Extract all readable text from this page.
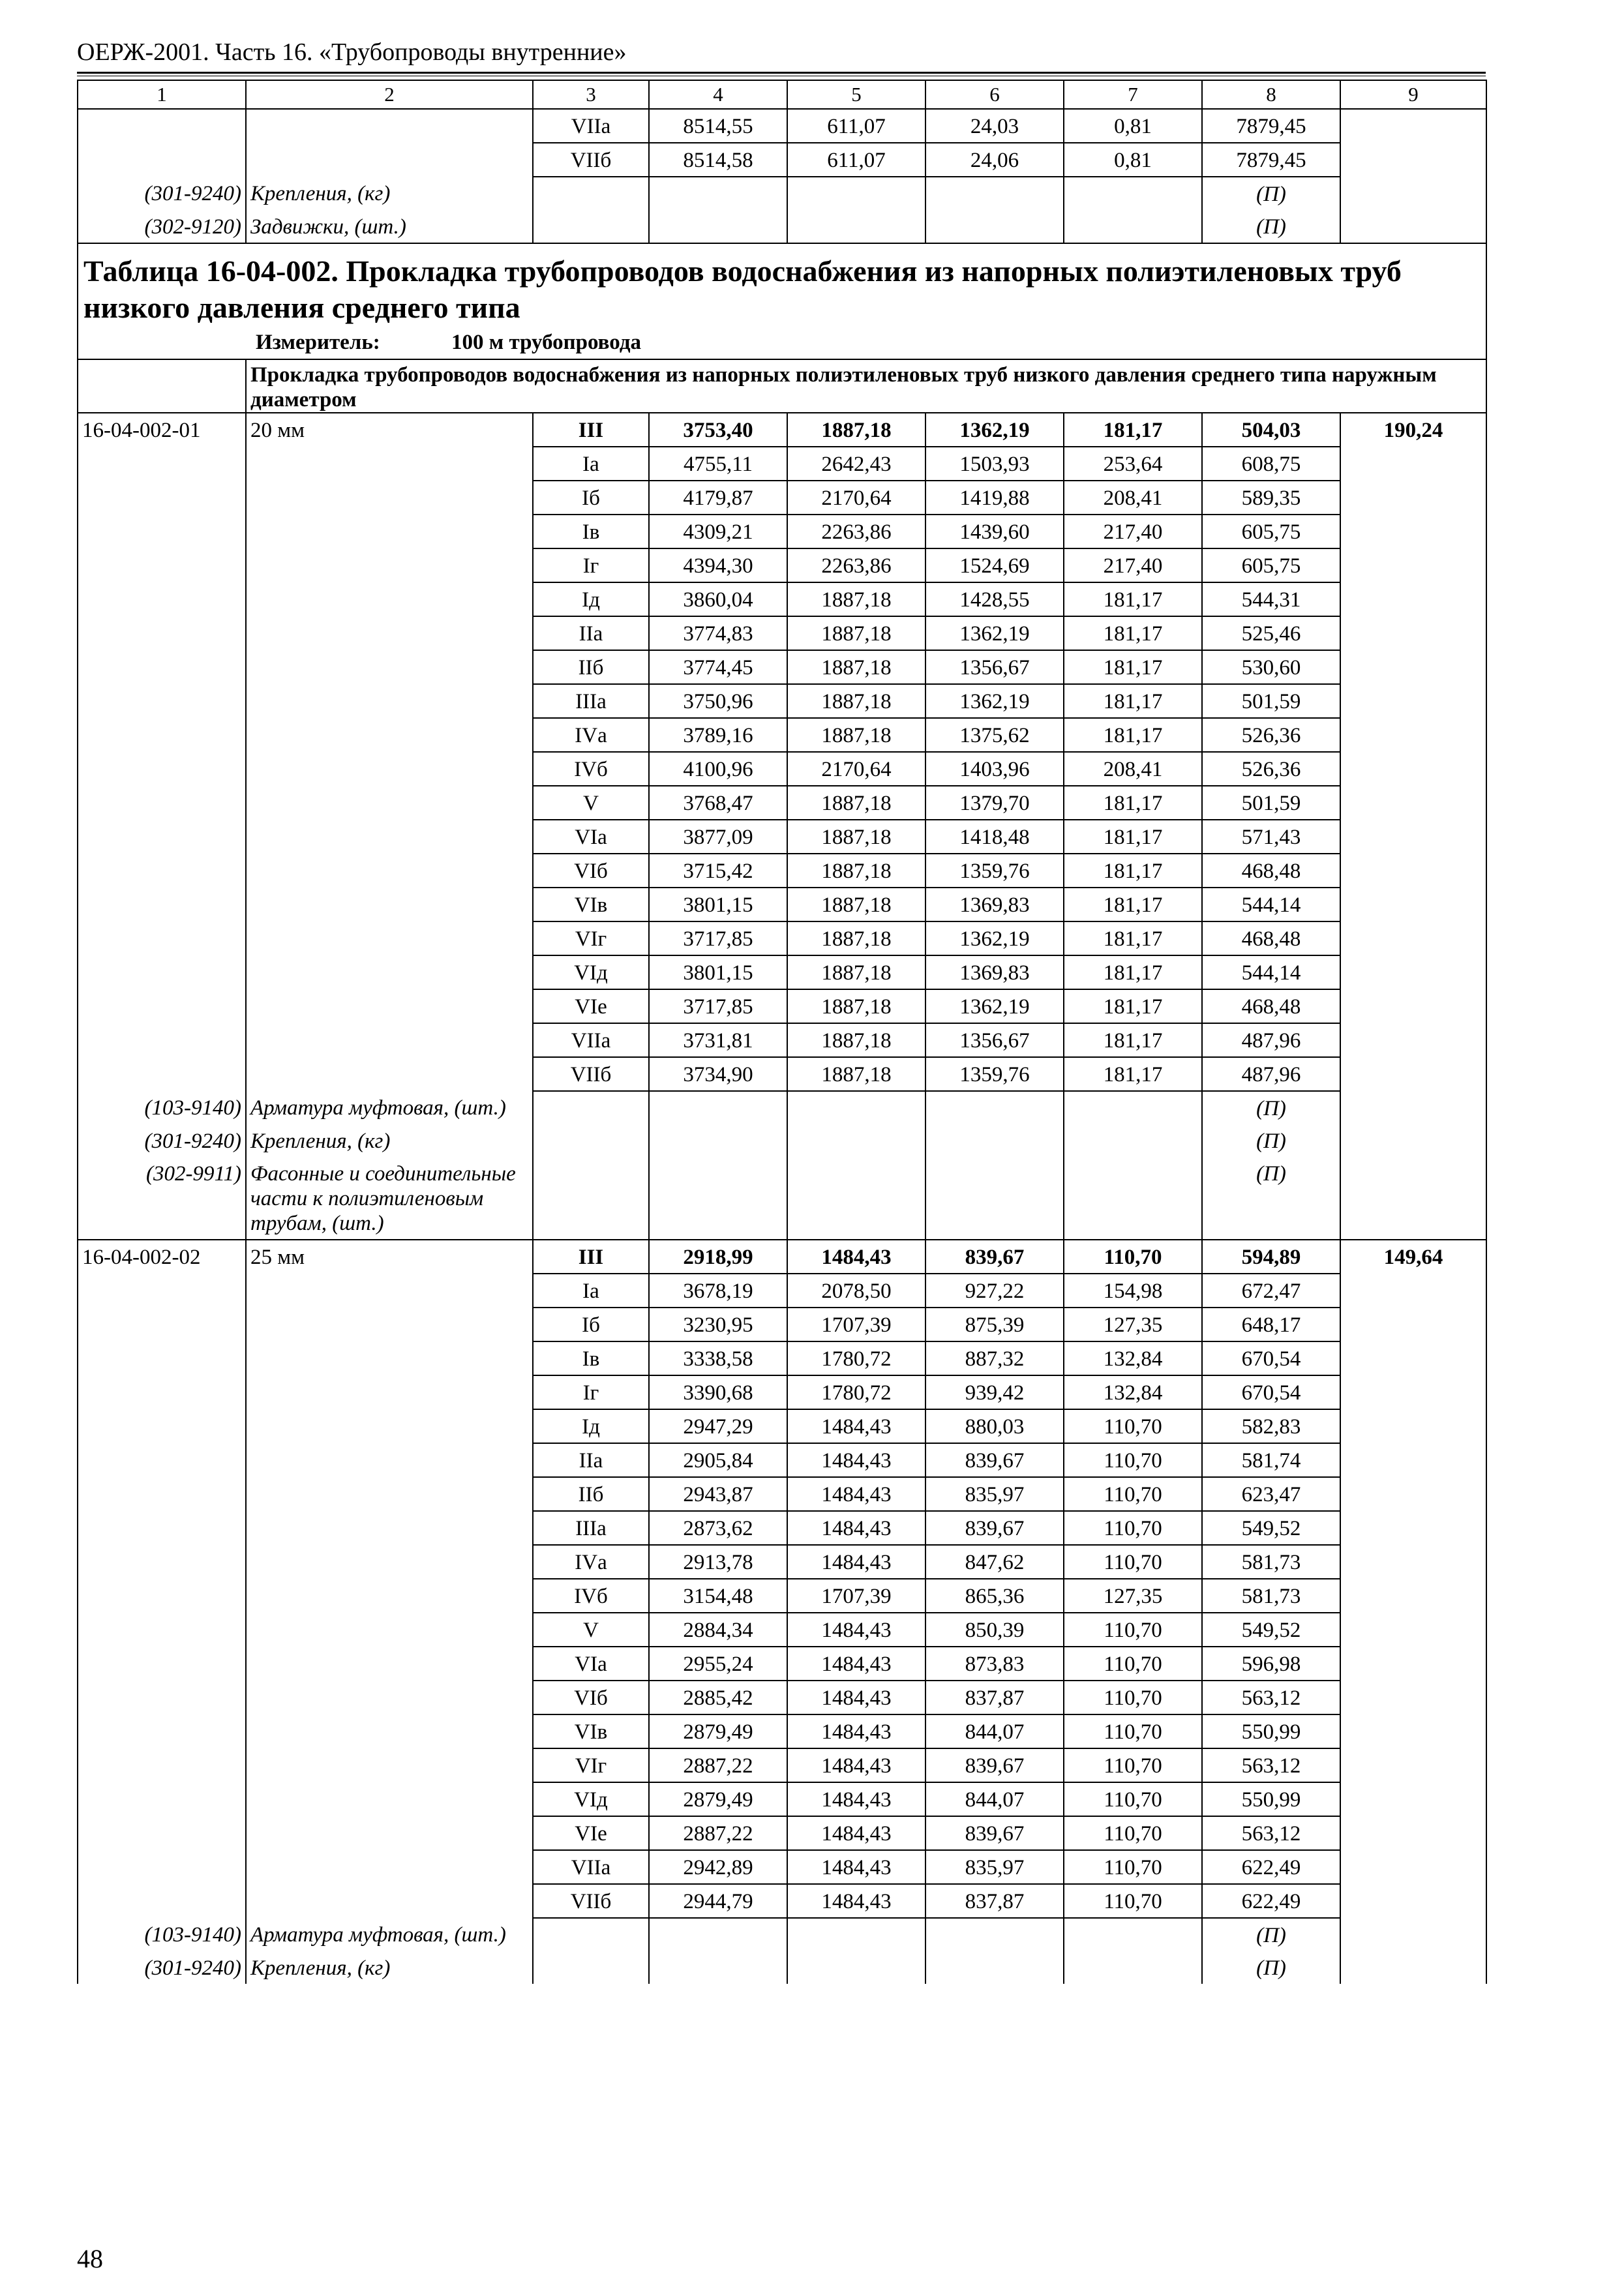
ОЕРЖ-2001. Часть 16. «Трубопроводы внутренние»
1	2	3	4	5	6	7	8	9
		VIIа	8514,55	611,07	24,03	0,81	7879,45	
		VIIб	8514,58	611,07	24,06	0,81	7879,45	
(301-9240)	Крепления, (кг)						(П)	
(302-9120)	Задвижки, (шт.)						(П)	

Таблица 16-04-002. Прокладка трубопроводов водоснабжения из напорных полиэтиленовых труб низкого давления среднего типа
Измеритель: 100 м трубопровода								

	Прокладка трубопроводов водоснабжения из напорных полиэтиленовых труб низкого давления среднего типа наружным диаметром							
16-04-002-01	20 мм	III	3753,40	1887,18	1362,19	181,17	504,03	190,24
		Iа	4755,11	2642,43	1503,93	253,64	608,75	
		Iб	4179,87	2170,64	1419,88	208,41	589,35	
		Iв	4309,21	2263,86	1439,60	217,40	605,75	
		Iг	4394,30	2263,86	1524,69	217,40	605,75	
		Iд	3860,04	1887,18	1428,55	181,17	544,31	
		IIа	3774,83	1887,18	1362,19	181,17	525,46	
		IIб	3774,45	1887,18	1356,67	181,17	530,60	
		IIIа	3750,96	1887,18	1362,19	181,17	501,59	
		IVа	3789,16	1887,18	1375,62	181,17	526,36	
		IVб	4100,96	2170,64	1403,96	208,41	526,36	
		V	3768,47	1887,18	1379,70	181,17	501,59	
		VIа	3877,09	1887,18	1418,48	181,17	571,43	
		VIб	3715,42	1887,18	1359,76	181,17	468,48	
		VIв	3801,15	1887,18	1369,83	181,17	544,14	
		VIг	3717,85	1887,18	1362,19	181,17	468,48	
		VIд	3801,15	1887,18	1369,83	181,17	544,14	
		VIе	3717,85	1887,18	1362,19	181,17	468,48	
		VIIа	3731,81	1887,18	1356,67	181,17	487,96	
		VIIб	3734,90	1887,18	1359,76	181,17	487,96	
(103-9140)	Арматура муфтовая, (шт.)						(П)	
(301-9240)	Крепления, (кг)						(П)	
(302-9911)	Фасонные и соединительные части к полиэтиленовым трубам, (шт.)						(П)	
16-04-002-02	25 мм	III	2918,99	1484,43	839,67	110,70	594,89	149,64
		Iа	3678,19	2078,50	927,22	154,98	672,47	
		Iб	3230,95	1707,39	875,39	127,35	648,17	
		Iв	3338,58	1780,72	887,32	132,84	670,54	
		Iг	3390,68	1780,72	939,42	132,84	670,54	
		Iд	2947,29	1484,43	880,03	110,70	582,83	
		IIа	2905,84	1484,43	839,67	110,70	581,74	
		IIб	2943,87	1484,43	835,97	110,70	623,47	
		IIIа	2873,62	1484,43	839,67	110,70	549,52	
		IVа	2913,78	1484,43	847,62	110,70	581,73	
		IVб	3154,48	1707,39	865,36	127,35	581,73	
		V	2884,34	1484,43	850,39	110,70	549,52	
		VIа	2955,24	1484,43	873,83	110,70	596,98	
		VIб	2885,42	1484,43	837,87	110,70	563,12	
		VIв	2879,49	1484,43	844,07	110,70	550,99	
		VIг	2887,22	1484,43	839,67	110,70	563,12	
		VIд	2879,49	1484,43	844,07	110,70	550,99	
		VIе	2887,22	1484,43	839,67	110,70	563,12	
		VIIа	2942,89	1484,43	835,97	110,70	622,49	
		VIIб	2944,79	1484,43	837,87	110,70	622,49	
(103-9140)	Арматура муфтовая, (шт.)						(П)	
(301-9240)	Крепления, (кг)						(П)	
48
